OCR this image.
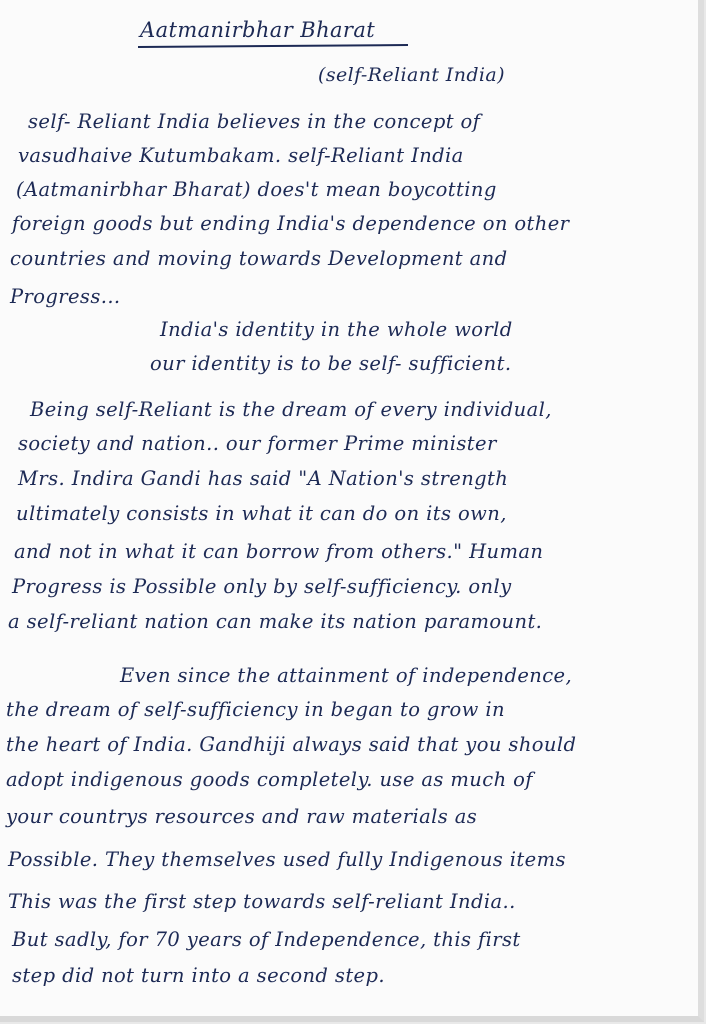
Aatmanirbhar Bharat
(self-Reliant India)
self- Reliant India believes in the concept of
vasudhaive Kutumbakam. self-Reliant India
(Aatmanirbhar Bharat) does't mean boycotting
foreign goods but ending India's dependence on other
countries and moving towards Development and
Progress...
India's identity in the whole world
our identity is to be self- sufficient.
Being self-Reliant is the dream of every individual,
society and nation.. our former Prime minister
Mrs. Indira Gandi has said "A Nation's strength
ultimately consists in what it can do on its own,
and not in what it can borrow from others." Human
Progress is Possible only by self-sufficiency. only
a self-reliant nation can make its nation paramount.
Even since the attainment of independence,
the dream of self-sufficiency in began to grow in
the heart of India. Gandhiji always said that you should
adopt indigenous goods completely. use as much of
your countrys resources and raw materials as
Possible. They themselves used fully Indigenous items
This was the first step towards self-reliant India..
But sadly, for 70 years of Independence, this first
step did not turn into a second step.
